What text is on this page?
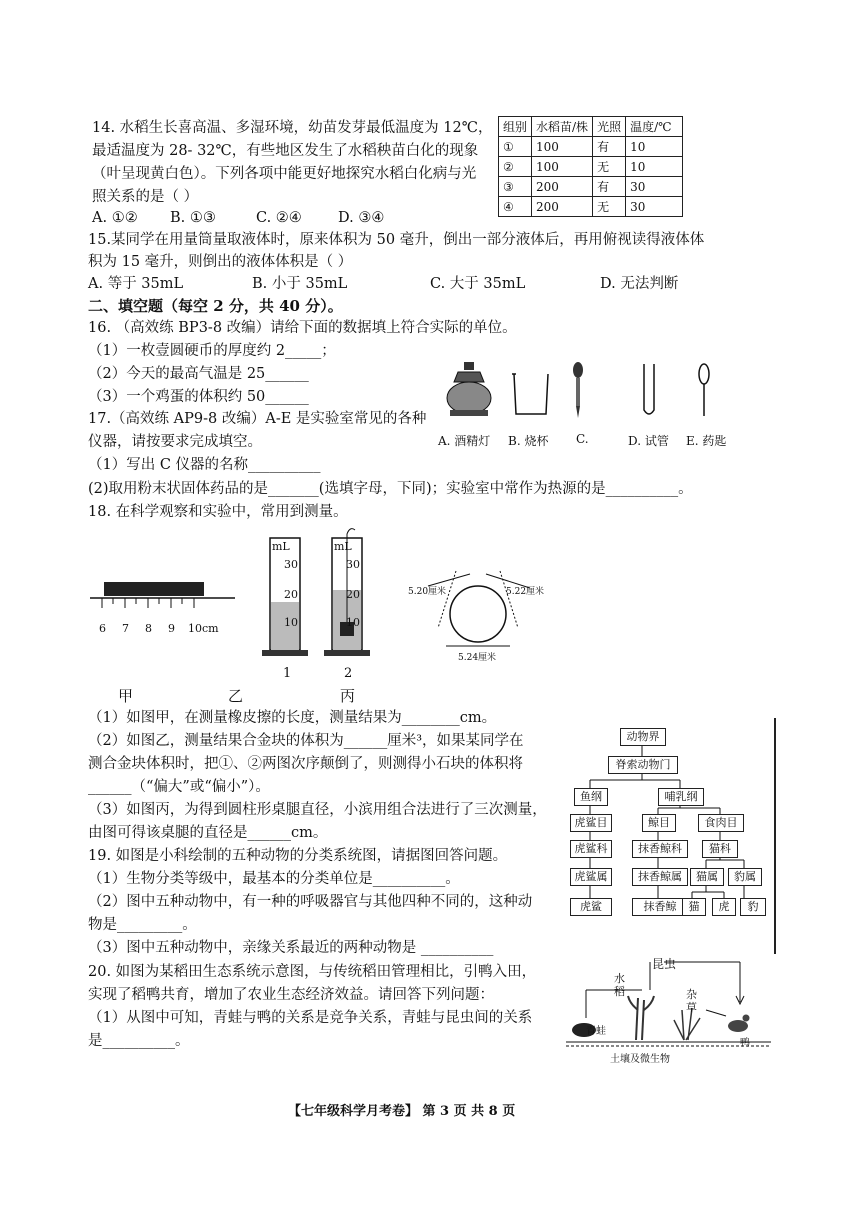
14. 水稻生长喜高温、多湿环境，幼苗发芽最低温度为 12℃，
最适温度为 28- 32℃，有些地区发生了水稻秧苗白化的现象
（叶呈现黄白色）。下列各项中能更好地探究水稻白化病与光
照关系的是（ ）
A. ①② B. ①③	C. ②④ D. ③④
组别	水稻苗/株	光照	温度/℃
①	100	有	10
②	100	无	10
③	200	有	30
④	200	无	30
15.某同学在用量筒量取液体时，原来体积为 50 毫升，倒出一部分液体后，再用俯视读得液体体
积为 15 毫升，则倒出的液体体积是（ ）
A. 等于 35mL	B. 小于 35mL	C. 大于 35mL	D. 无法判断
二、填空题（每空 2 分，共 40 分）。
16. （高效练 BP3-8 改编）请给下面的数据填上符合实际的单位。
（1）一枚壹圆硬币的厚度约 2_____；
（2）今天的最高气温是 25______
（3）一个鸡蛋的体积约 50______
17.（高效练 AP9-8 改编）A-E 是实验室常见的各种
仪器，请按要求完成填空。
（1）写出 C 仪器的名称__________
(2)取用粉末状固体药品的是_______(选填字母，下同)；实验室中常作为热源的是__________。
A. 酒精灯 B. 烧杯 C.	D. 试管 E. 药匙
18. 在科学观察和实验中，常用到测量。
6 7 8 9 10cm
mL	mL
30
20
10
30
20
10
1	2
5.20厘米	5.22厘米
5.24厘米
甲	乙	丙
（1）如图甲，在测量橡皮擦的长度，测量结果为________cm。
（2）如图乙，测量结果合金块的体积为______厘米³，如果某同学在
测合金块体积时，把①、②两图次序颠倒了，则测得小石块的体积将
______（“偏大”或“偏小”）。
（3）如图丙，为得到圆柱形桌腿直径，小滨用组合法进行了三次测量，
由图可得该桌腿的直径是______cm。
19. 如图是小科绘制的五种动物的分类系统图，请据图回答问题。
（1）生物分类等级中，最基本的分类单位是__________。
（2）图中五种动物中，有一种的呼吸器官与其他四种不同的，这种动
物是_________。
（3）图中五种动物中，亲缘关系最近的两种动物是 __________
动物界
脊索动物门
鱼纲	哺乳纲
虎鲨目	鲸目	食肉目
虎鲨科	抹香鲸科	猫科
虎鲨属	抹香鲸属	猫属	豹属
虎鲨	抹香鲸	猫	虎	豹
20. 如图为某稻田生态系统示意图，与传统稻田管理相比，引鸭入田，
实现了稻鸭共育，增加了农业生态经济效益。请回答下列问题：
（1）从图中可知，青蛙与鸭的关系是竞争关系，青蛙与昆虫间的关系
是__________。
昆虫
水稻	杂草
青蛙
鸭
土壤及微生物
【七年级科学月考卷】 第 3 页 共 8 页
